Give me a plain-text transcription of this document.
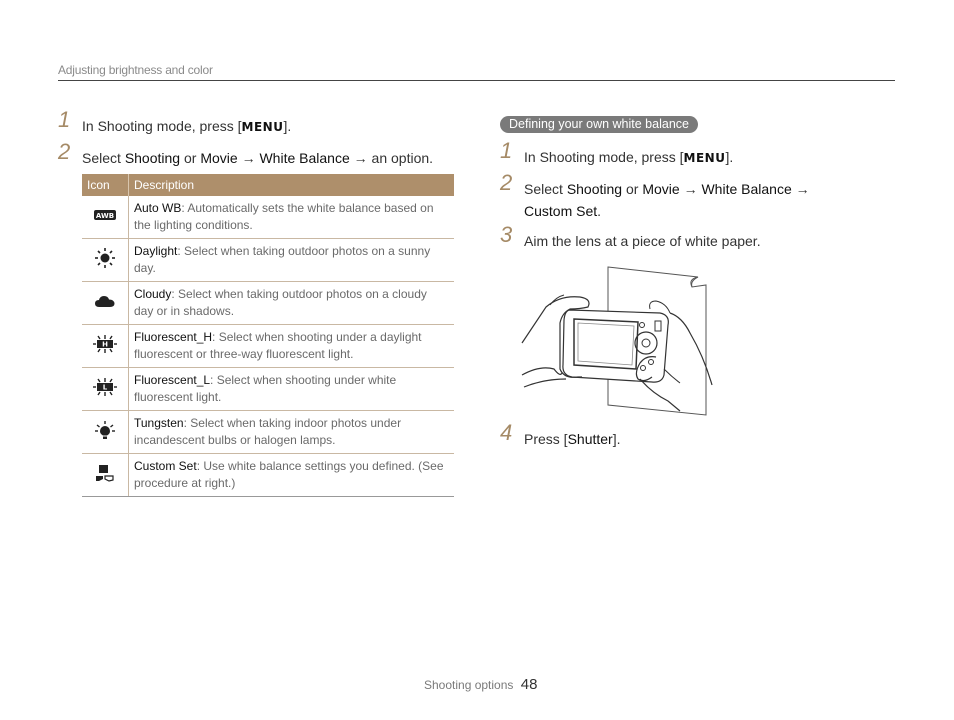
Adjusting brightness and color
1 In Shooting mode, press [MENU].
2 Select Shooting or Movie → White Balance → an option.
Icon	Description

AWB	Auto WB: Automatically sets the white balance based on the lighting conditions.
	Daylight: Select when taking outdoor photos on a sunny day.
	Cloudy: Select when taking outdoor photos on a cloudy day or in shadows.

H	Fluorescent_H: Select when shooting under a daylight fluorescent or three-way fluorescent light.

L	Fluorescent_L: Select when shooting under white fluorescent light.
	Tungsten: Select when taking indoor photos under incandescent bulbs or halogen lamps.
	Custom Set: Use white balance settings you defined. (See procedure at right.)
Defining your own white balance
1 In Shooting mode, press [MENU].
2 Select Shooting or Movie → White Balance →
Custom Set.
3 Aim the lens at a piece of white paper.
4 Press [Shutter].
Shooting options 48
